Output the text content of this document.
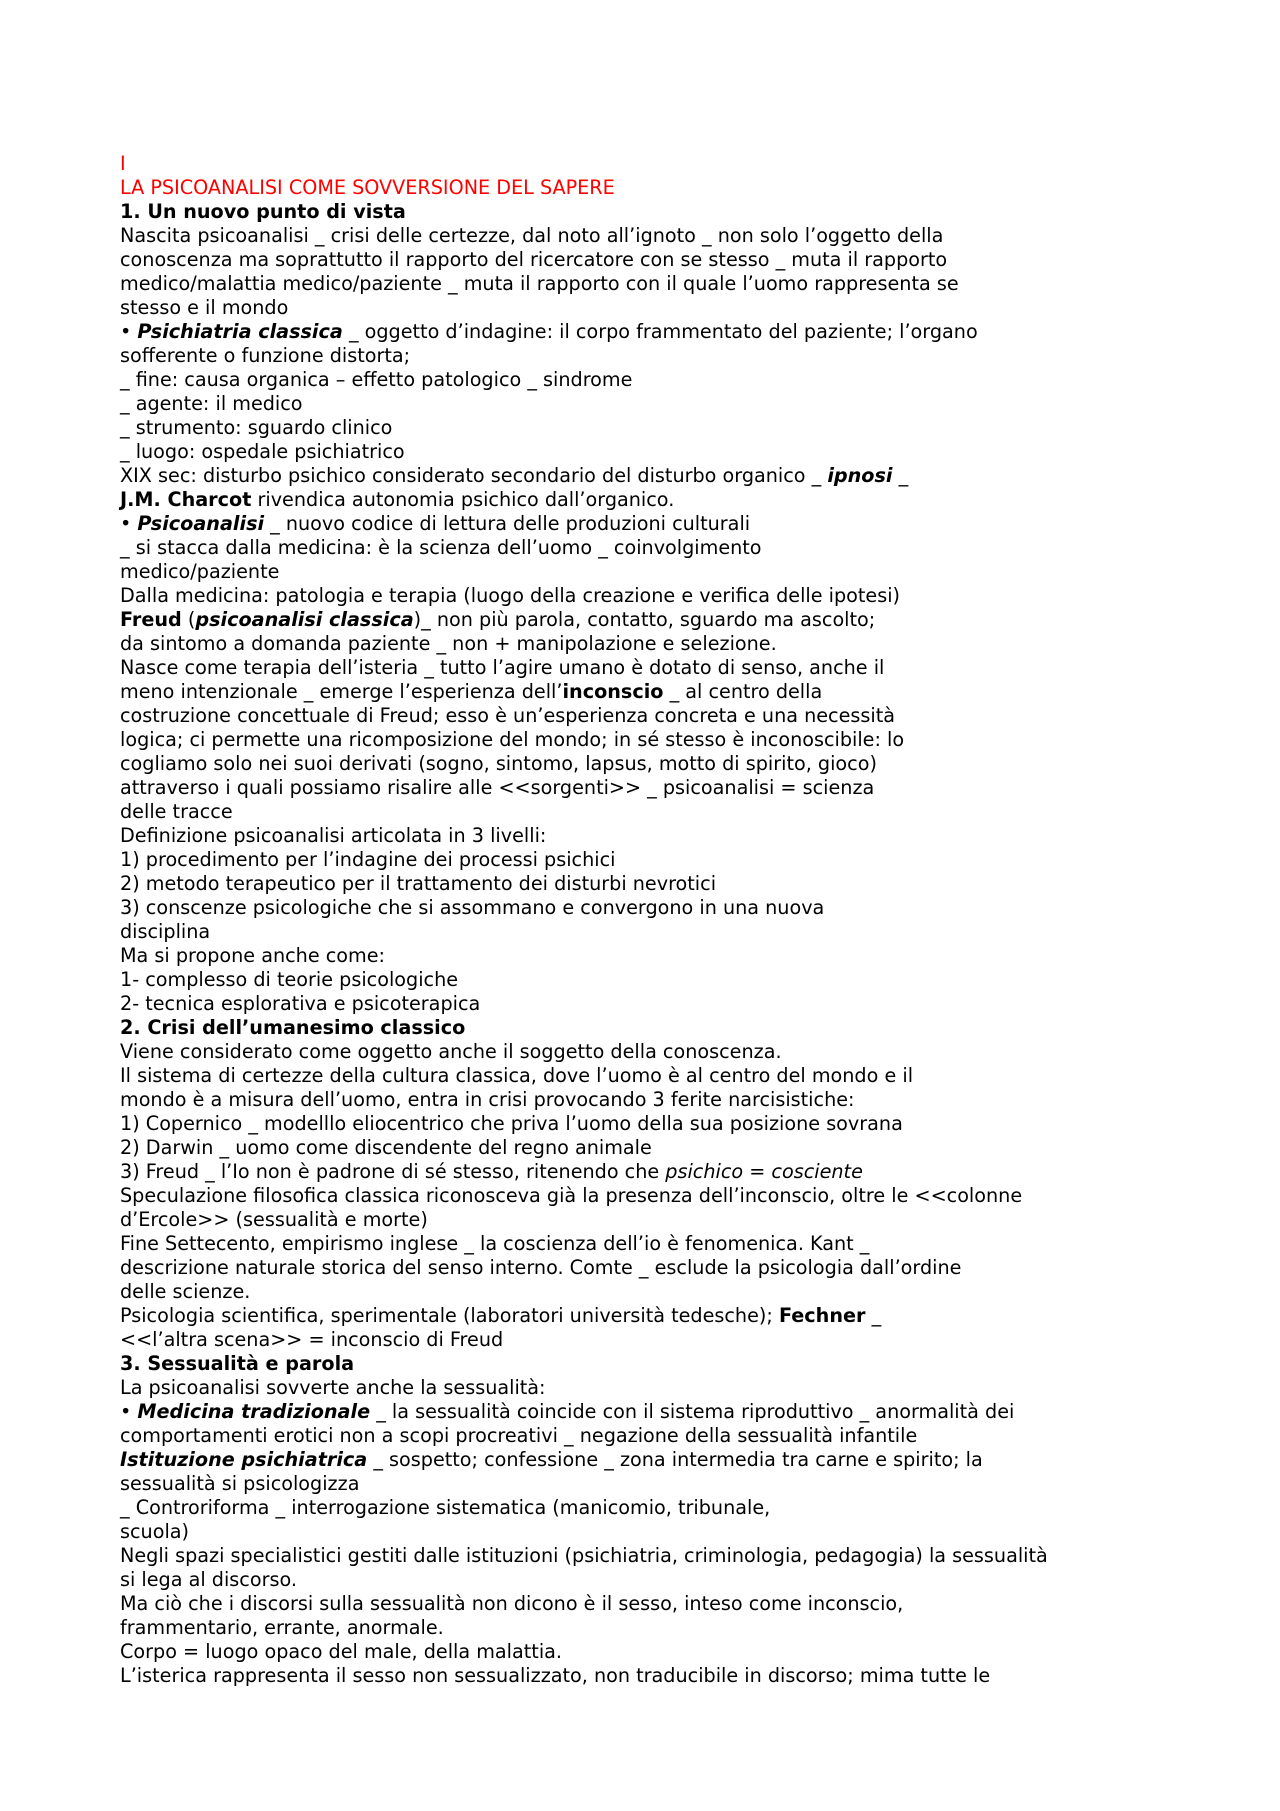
I
LA PSICOANALISI COME SOVVERSIONE DEL SAPERE
1. Un nuovo punto di vista
Nascita psicoanalisi _ crisi delle certezze, dal noto all’ignoto _ non solo l’oggetto della
conoscenza ma soprattutto il rapporto del ricercatore con se stesso _ muta il rapporto
medico/malattia medico/paziente _ muta il rapporto con il quale l’uomo rappresenta se
stesso e il mondo
• Psichiatria classica _ oggetto d’indagine: il corpo frammentato del paziente; l’organo
sofferente o funzione distorta;
_ fine: causa organica – effetto patologico _ sindrome
_ agente: il medico
_ strumento: sguardo clinico
_ luogo: ospedale psichiatrico
XIX sec: disturbo psichico considerato secondario del disturbo organico _ ipnosi _
J.M. Charcot rivendica autonomia psichico dall’organico.
• Psicoanalisi _ nuovo codice di lettura delle produzioni culturali
_ si stacca dalla medicina: è la scienza dell’uomo _ coinvolgimento
medico/paziente
Dalla medicina: patologia e terapia (luogo della creazione e verifica delle ipotesi)
Freud (psicoanalisi classica)_ non più parola, contatto, sguardo ma ascolto;
da sintomo a domanda paziente _ non + manipolazione e selezione.
Nasce come terapia dell’isteria _ tutto l’agire umano è dotato di senso, anche il
meno intenzionale _ emerge l’esperienza dell’inconscio _ al centro della
costruzione concettuale di Freud; esso è un’esperienza concreta e una necessità
logica; ci permette una ricomposizione del mondo; in sé stesso è inconoscibile: lo
cogliamo solo nei suoi derivati (sogno, sintomo, lapsus, motto di spirito, gioco)
attraverso i quali possiamo risalire alle <<sorgenti>> _ psicoanalisi = scienza
delle tracce
Definizione psicoanalisi articolata in 3 livelli:
1) procedimento per l’indagine dei processi psichici
2) metodo terapeutico per il trattamento dei disturbi nevrotici
3) conscenze psicologiche che si assommano e convergono in una nuova
disciplina
Ma si propone anche come:
1- complesso di teorie psicologiche
2- tecnica esplorativa e psicoterapica
2. Crisi dell’umanesimo classico
Viene considerato come oggetto anche il soggetto della conoscenza.
Il sistema di certezze della cultura classica, dove l’uomo è al centro del mondo e il
mondo è a misura dell’uomo, entra in crisi provocando 3 ferite narcisistiche:
1) Copernico _ modelllo eliocentrico che priva l’uomo della sua posizione sovrana
2) Darwin _ uomo come discendente del regno animale
3) Freud _ l’Io non è padrone di sé stesso, ritenendo che psichico = cosciente
Speculazione filosofica classica riconosceva già la presenza dell’inconscio, oltre le <<colonne
d’Ercole>> (sessualità e morte)
Fine Settecento, empirismo inglese _ la coscienza dell’io è fenomenica. Kant _
descrizione naturale storica del senso interno. Comte _ esclude la psicologia dall’ordine
delle scienze.
Psicologia scientifica, sperimentale (laboratori università tedesche); Fechner _
<<l’altra scena>> = inconscio di Freud
3. Sessualità e parola
La psicoanalisi sovverte anche la sessualità:
• Medicina tradizionale _ la sessualità coincide con il sistema riproduttivo _ anormalità dei
comportamenti erotici non a scopi procreativi _ negazione della sessualità infantile
Istituzione psichiatrica _ sospetto; confessione _ zona intermedia tra carne e spirito; la
sessualità si psicologizza
_ Controriforma _ interrogazione sistematica (manicomio, tribunale,
scuola)
Negli spazi specialistici gestiti dalle istituzioni (psichiatria, criminologia, pedagogia) la sessualità
si lega al discorso.
Ma ciò che i discorsi sulla sessualità non dicono è il sesso, inteso come inconscio,
frammentario, errante, anormale.
Corpo = luogo opaco del male, della malattia.
L’isterica rappresenta il sesso non sessualizzato, non traducibile in discorso; mima tutte le
